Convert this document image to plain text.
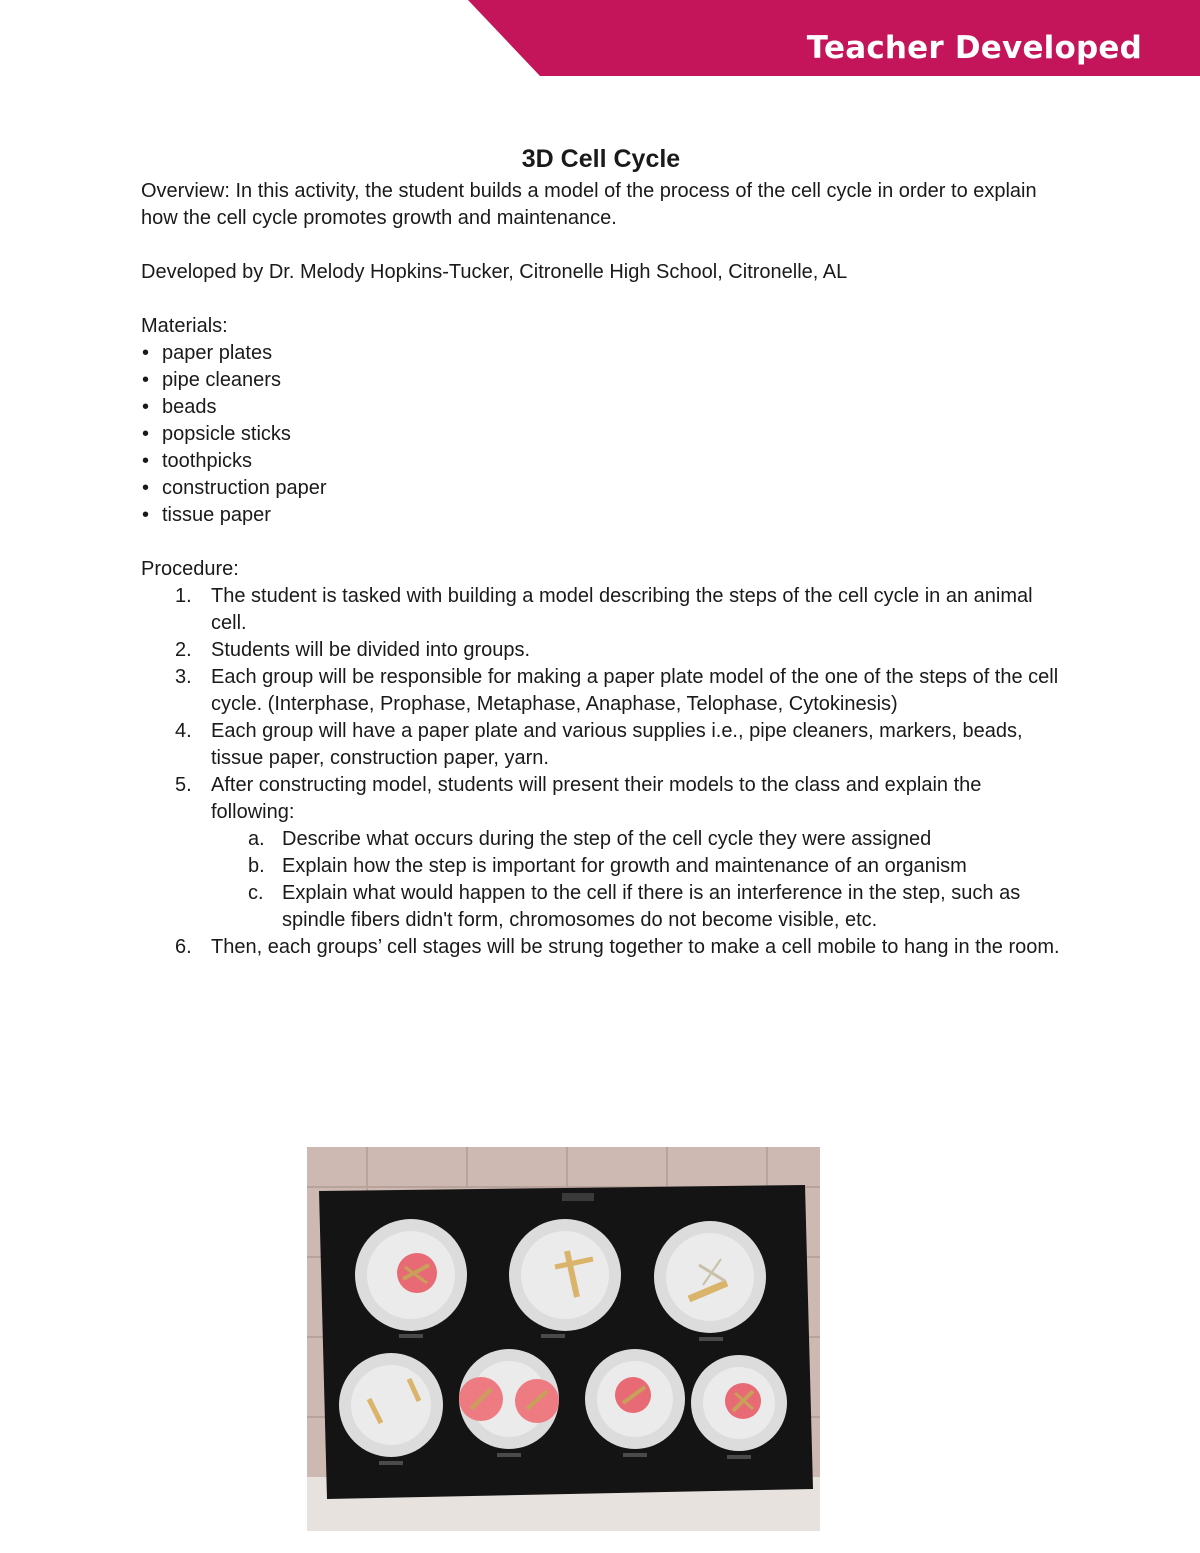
Teacher Developed
3D Cell Cycle

Overview: In this activity, the student builds a model of the process of the cell cycle in order to explain how the cell cycle promotes growth and maintenance.

Developed by Dr. Melody Hopkins-Tucker, Citronelle High School, Citronelle, AL

Materials:

• paper plates
• pipe cleaners
• beads
• popsicle sticks
• toothpicks
• construction paper
• tissue paper

Procedure:

1. The student is tasked with building a model describing the steps of the cell cycle in an animal cell.
2. Students will be divided into groups.
3. Each group will be responsible for making a paper plate model of the one of the steps of the cell cycle. (Interphase, Prophase, Metaphase, Anaphase, Telophase, Cytokinesis)
4. Each group will have a paper plate and various supplies i.e., pipe cleaners, markers, beads, tissue paper, construction paper, yarn.
5. After constructing model, students will present their models to the class and explain the following:
a. Describe what occurs during the step of the cell cycle they were assigned
b. Explain how the step is important for growth and maintenance of an organism
c. Explain what would happen to the cell if there is an interference in the step, such as spindle fibers didn't form, chromosomes do not become visible, etc.
6. Then, each groups’ cell stages will be strung together to make a cell mobile to hang in the room.
